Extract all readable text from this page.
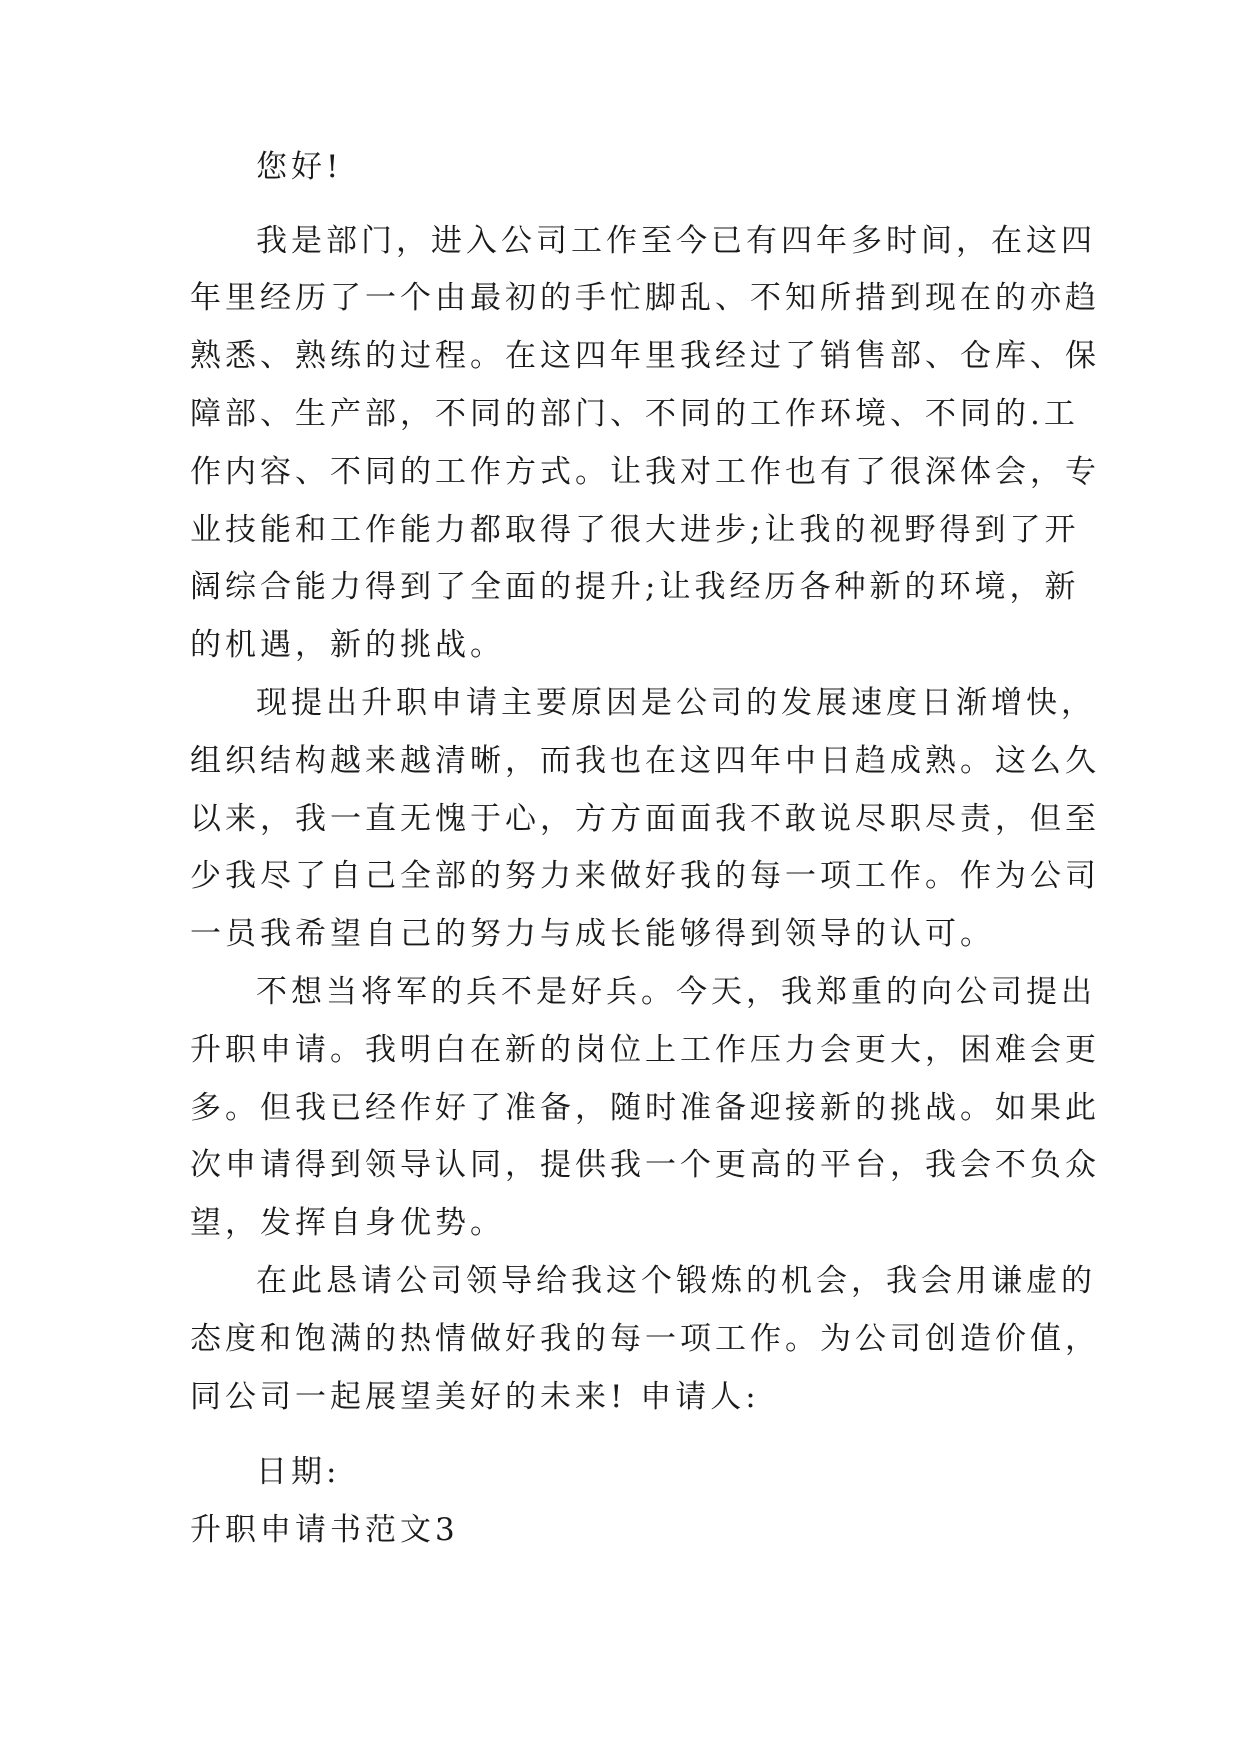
您好!
我是部门，进入公司工作至今已有四年多时间，在这四
年里经历了一个由最初的手忙脚乱、不知所措到现在的亦趋
熟悉、熟练的过程。在这四年里我经过了销售部、仓库、保
障部、生产部，不同的部门、不同的工作环境、不同的.工
作内容、不同的工作方式。让我对工作也有了很深体会，专
业技能和工作能力都取得了很大进步;让我的视野得到了开
阔综合能力得到了全面的提升;让我经历各种新的环境，新
的机遇，新的挑战。
现提出升职申请主要原因是公司的发展速度日渐增快，
组织结构越来越清晰，而我也在这四年中日趋成熟。这么久
以来，我一直无愧于心，方方面面我不敢说尽职尽责，但至
少我尽了自己全部的努力来做好我的每一项工作。作为公司
一员我希望自己的努力与成长能够得到领导的认可。
不想当将军的兵不是好兵。今天，我郑重的向公司提出
升职申请。我明白在新的岗位上工作压力会更大，困难会更
多。但我已经作好了准备，随时准备迎接新的挑战。如果此
次申请得到领导认同，提供我一个更高的平台，我会不负众
望，发挥自身优势。
在此恳请公司领导给我这个锻炼的机会，我会用谦虚的
态度和饱满的热情做好我的每一项工作。为公司创造价值，
同公司一起展望美好的未来! 申请人:
日期:
升职申请书范文3
